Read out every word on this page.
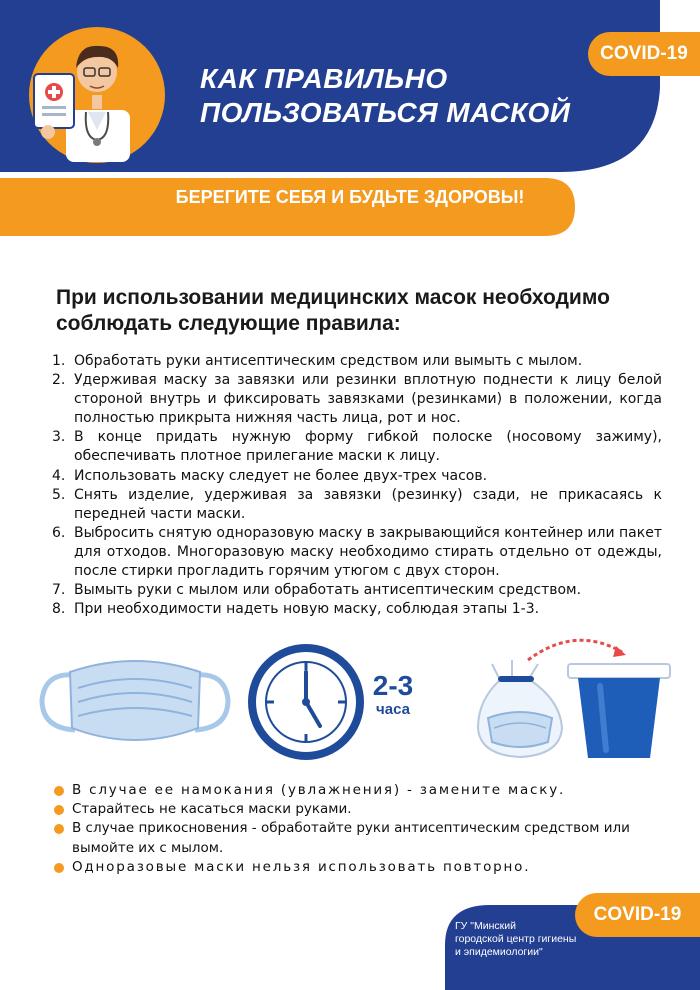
КАК ПРАВИЛЬНО
ПОЛЬЗОВАТЬСЯ МАСКОЙ
COVID-19
БЕРЕГИТЕ СЕБЯ И БУДЬТЕ ЗДОРОВЫ!
При использовании медицинских масок необходимо соблюдать следующие правила:
1. Обработать руки антисептическим средством или вымыть с мылом.
2. Удерживая маску за завязки или резинки вплотную поднести к лицу белой стороной внутрь и фиксировать завязками (резинками) в положении, когда полностью прикрыта нижняя часть лица, рот и нос.
3. В конце придать нужную форму гибкой полоске (носовому зажиму), обеспечивать плотное прилегание маски к лицу.
4. Использовать маску следует не более двух-трех часов.
5. Снять изделие, удерживая за завязки (резинку) сзади, не прикасаясь к передней части маски.
6. Выбросить снятую одноразовую маску в закрывающийся контейнер или пакет для отходов. Многоразовую маску необходимо стирать отдельно от одежды, после стирки прогладить горячим утюгом с двух сторон.
7. Вымыть руки с мылом или обработать антисептическим средством.
8. При необходимости надеть новую маску, соблюдая этапы 1-3.
2-3
часа
В случае ее намокания (увлажнения) - замените маску.
Старайтесь не касаться маски руками.
В случае прикосновения - обработайте руки антисептическим средством или вымойте их с мылом.
Одноразовые маски нельзя использовать повторно.
COVID-19
ГУ "Минский
городской центр гигиены
и эпидемиологии"
